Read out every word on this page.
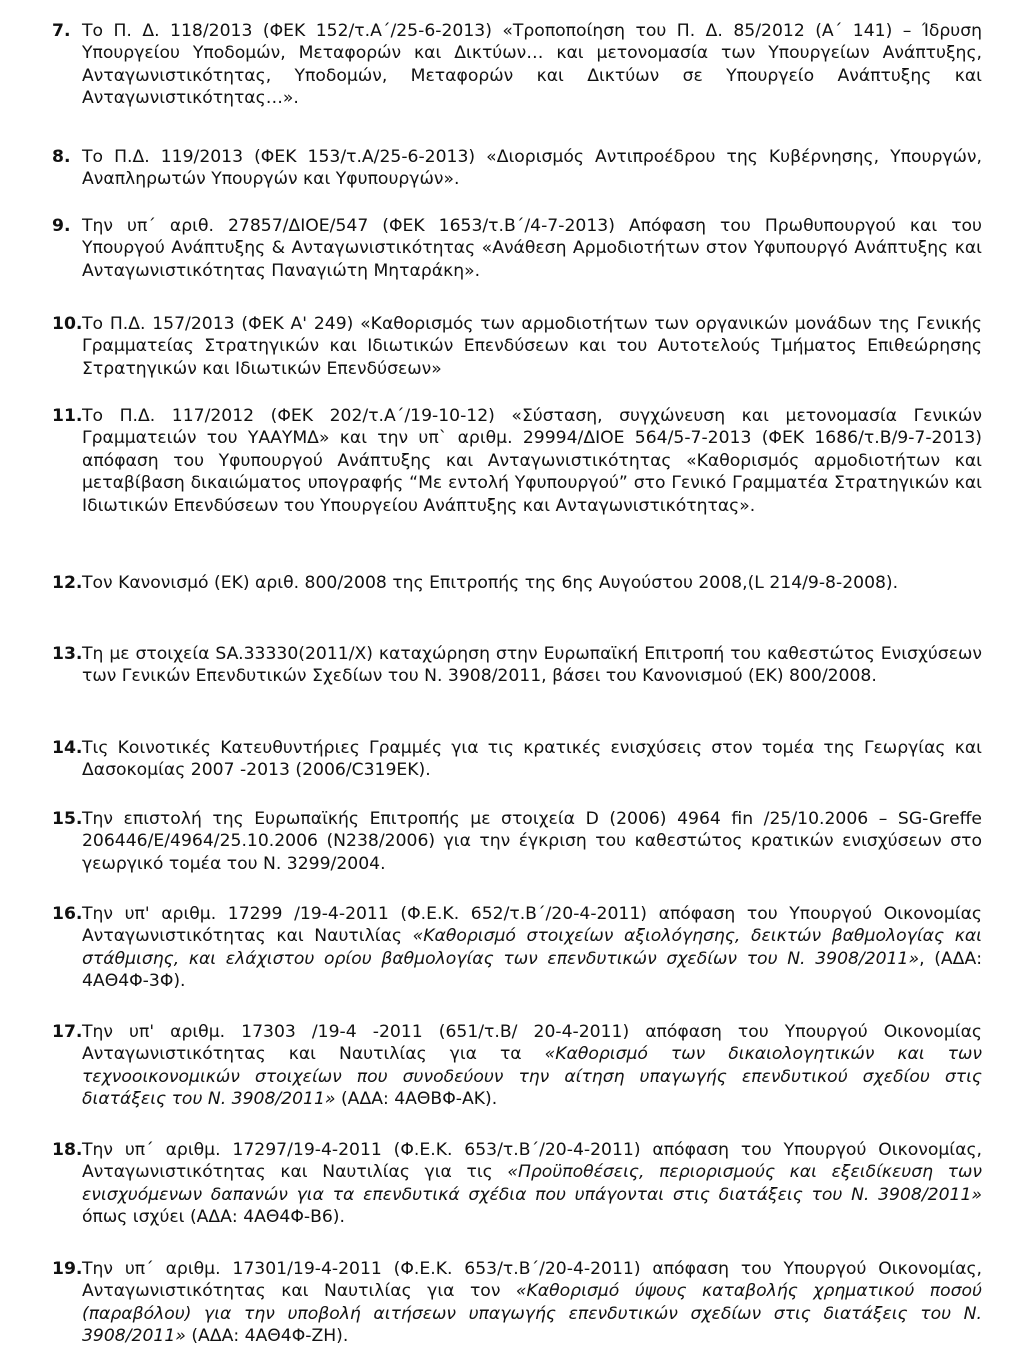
7. Το Π. Δ. 118/2013 (ΦΕΚ 152/τ.Α΄/25-6-2013) «Τροποποίηση του Π. Δ. 85/2012 (Α΄ 141) – Ίδρυση Υπουργείου Υποδομών, Μεταφορών και Δικτύων… και μετονομασία των Υπουργείων Ανάπτυξης, Ανταγωνιστικότητας, Υποδομών, Μεταφορών και Δικτύων σε Υπουργείο Ανάπτυξης και Ανταγωνιστικότητας…».
8. Το Π.Δ. 119/2013 (ΦΕΚ 153/τ.Α/25-6-2013) «Διορισμός Αντιπροέδρου της Κυβέρνησης, Υπουργών, Αναπληρωτών Υπουργών και Υφυπουργών».
9. Την υπ΄ αριθ. 27857/ΔΙΟΕ/547 (ΦΕΚ 1653/τ.Β΄/4-7-2013) Απόφαση του Πρωθυπουργού και του Υπουργού Ανάπτυξης & Ανταγωνιστικότητας «Ανάθεση Αρμοδιοτήτων στον Υφυπουργό Ανάπτυξης και Ανταγωνιστικότητας Παναγιώτη Μηταράκη».
10. Το Π.Δ. 157/2013 (ΦΕΚ Α' 249) «Καθορισμός των αρμοδιοτήτων των οργανικών μονάδων της Γενικής Γραμματείας Στρατηγικών και Ιδιωτικών Επενδύσεων και του Αυτοτελούς Τμήματος Επιθεώρησης Στρατηγικών και Ιδιωτικών Επενδύσεων»
11. Το Π.Δ. 117/2012 (ΦΕΚ 202/τ.Α΄/19-10-12) «Σύσταση, συγχώνευση και μετονομασία Γενικών Γραμματειών του ΥΑΑΥΜΔ» και την υπ` αριθμ. 29994/ΔΙΟΕ 564/5-7-2013 (ΦΕΚ 1686/τ.Β/9-7-2013) απόφαση του Υφυπουργού Ανάπτυξης και Ανταγωνιστικότητας «Καθορισμός αρμοδιοτήτων και μεταβίβαση δικαιώματος υπογραφής “Με εντολή Υφυπουργού” στο Γενικό Γραμματέα Στρατηγικών και Ιδιωτικών Επενδύσεων του Υπουργείου Ανάπτυξης και Ανταγωνιστικότητας».
12. Τον Κανονισμό (ΕΚ) αριθ. 800/2008 της Επιτροπής της 6ης Αυγούστου 2008,(L 214/9-8-2008).
13. Τη με στοιχεία SA.33330(2011/X) καταχώρηση στην Ευρωπαϊκή Επιτροπή του καθεστώτος Ενισχύσεων των Γενικών Επενδυτικών Σχεδίων του Ν. 3908/2011, βάσει του Κανονισμού (ΕΚ) 800/2008.
14. Τις Κοινοτικές Κατευθυντήριες Γραμμές για τις κρατικές ενισχύσεις στον τομέα της Γεωργίας και Δασοκομίας 2007 -2013 (2006/C319ΕΚ).
15. Την επιστολή της Ευρωπαϊκής Επιτροπής με στοιχεία D (2006) 4964 fin /25/10.2006 – SG-Greffe 206446/E/4964/25.10.2006 (N238/2006) για την έγκριση του καθεστώτος κρατικών ενισχύσεων στο γεωργικό τομέα του Ν. 3299/2004.
16. Την υπ' αριθμ. 17299 /19-4-2011 (Φ.Ε.Κ. 652/τ.Β΄/20-4-2011) απόφαση του Υπουργού Οικονομίας Ανταγωνιστικότητας και Ναυτιλίας «Καθορισμό στοιχείων αξιολόγησης, δεικτών βαθμολογίας και στάθμισης, και ελάχιστου ορίου βαθμολογίας των επενδυτικών σχεδίων του Ν. 3908/2011», (ΑΔΑ: 4ΑΘ4Φ-3Φ).
17. Την υπ' αριθμ. 17303 /19-4 -2011 (651/τ.Β/ 20-4-2011) απόφαση του Υπουργού Οικονομίας Ανταγωνιστικότητας και Ναυτιλίας για τα «Καθορισμό των δικαιολογητικών και των τεχνοοικονομικών στοιχείων που συνοδεύουν την αίτηση υπαγωγής επενδυτικού σχεδίου στις διατάξεις του Ν. 3908/2011» (ΑΔΑ: 4ΑΘΒΦ-ΑΚ).
18. Την υπ΄ αριθμ. 17297/19-4-2011 (Φ.Ε.Κ. 653/τ.Β΄/20-4-2011) απόφαση του Υπουργού Οικονομίας, Ανταγωνιστικότητας και Ναυτιλίας για τις «Προϋποθέσεις, περιορισμούς και εξειδίκευση των ενισχυόμενων δαπανών για τα επενδυτικά σχέδια που υπάγονται στις διατάξεις του Ν. 3908/2011» όπως ισχύει (ΑΔΑ: 4ΑΘ4Φ-Β6).
19. Την υπ΄ αριθμ. 17301/19-4-2011 (Φ.Ε.Κ. 653/τ.Β΄/20-4-2011) απόφαση του Υπουργού Οικονομίας, Ανταγωνιστικότητας και Ναυτιλίας για τον «Καθορισμό ύψους καταβολής χρηματικού ποσού (παραβόλου) για την υποβολή αιτήσεων υπαγωγής επενδυτικών σχεδίων στις διατάξεις του Ν. 3908/2011» (ΑΔΑ: 4ΑΘ4Φ-ΖΗ).
